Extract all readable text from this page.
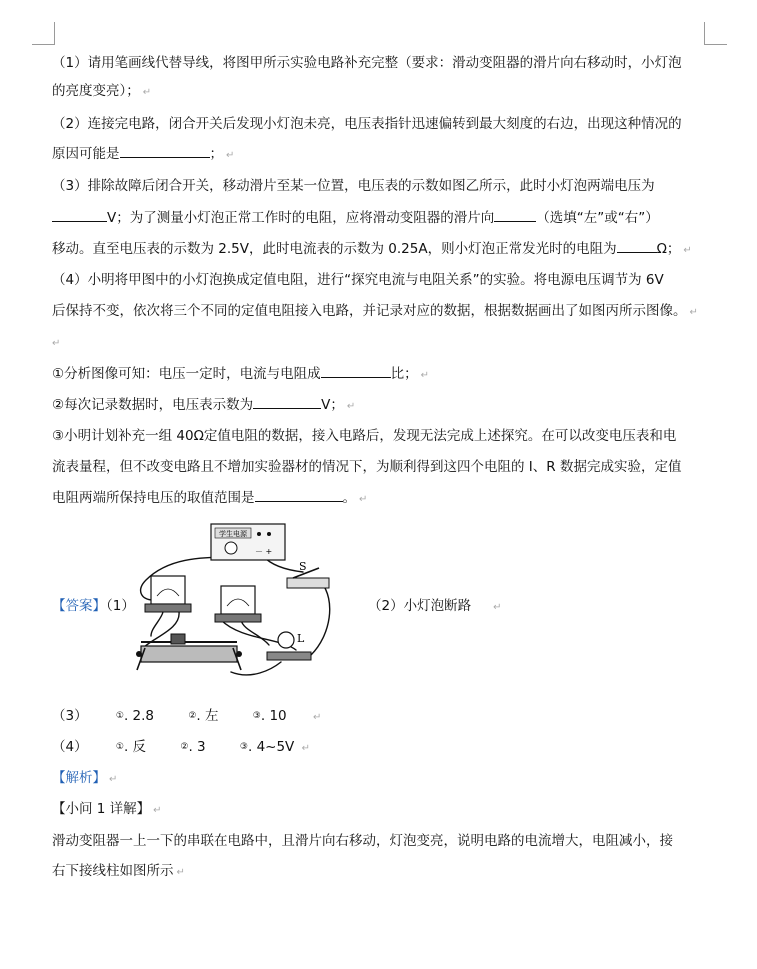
（1）请用笔画线代替导线，将图甲所示实验电路补充完整（要求：滑动变阻器的滑片向右移动时，小灯泡
的亮度变亮）； ↵
（2）连接完电路，闭合开关后发现小灯泡未亮，电压表指针迅速偏转到最大刻度的右边，出现这种情况的
原因可能是	； ↵
（3）排除故障后闭合开关，移动滑片至某一位置，电压表的示数如图乙所示，此时小灯泡两端电压为
V；为了测量小灯泡正常工作时的电阻，应将滑动变阻器的滑片向	（选填“左”或“右”）
移动。直至电压表的示数为 2.5V，此时电流表的示数为 0.25A，则小灯泡正常发光时的电阻为	Ω； ↵
（4）小明将甲图中的小灯泡换成定值电阻，进行“探究电流与电阻关系”的实验。将电源电压调节为 6V
后保持不变，依次将三个不同的定值电阻接入电路，并记录对应的数据，根据数据画出了如图丙所示图像。 ↵
↵
①分析图像可知：电压一定时，电流与电阻成	比； ↵
②每次记录数据时，电压表示数为	V； ↵
③小明计划补充一组 40Ω定值电阻的数据，接入电路后，发现无法完成上述探究。在可以改变电压表和电
流表量程，但不改变电路且不增加实验器材的情况下，为顺利得到这四个电阻的 I、R 数据完成实验，定值
电阻两端所保持电压的取值范围是	。 ↵
【答案】（1）	（2）小灯泡断路 ↵
学生电源
－ +
S
L
（3）	①. 2.8	②. 左	③. 10	↵
（4）	①. 反	②. 3	③. 4~5V ↵
【解析】 ↵
【小问 1 详解】 ↵
滑动变阻器一上一下的串联在电路中，且滑片向右移动，灯泡变亮，说明电路的电流增大，电阻减小，接
右下接线柱如图所示 ↵
